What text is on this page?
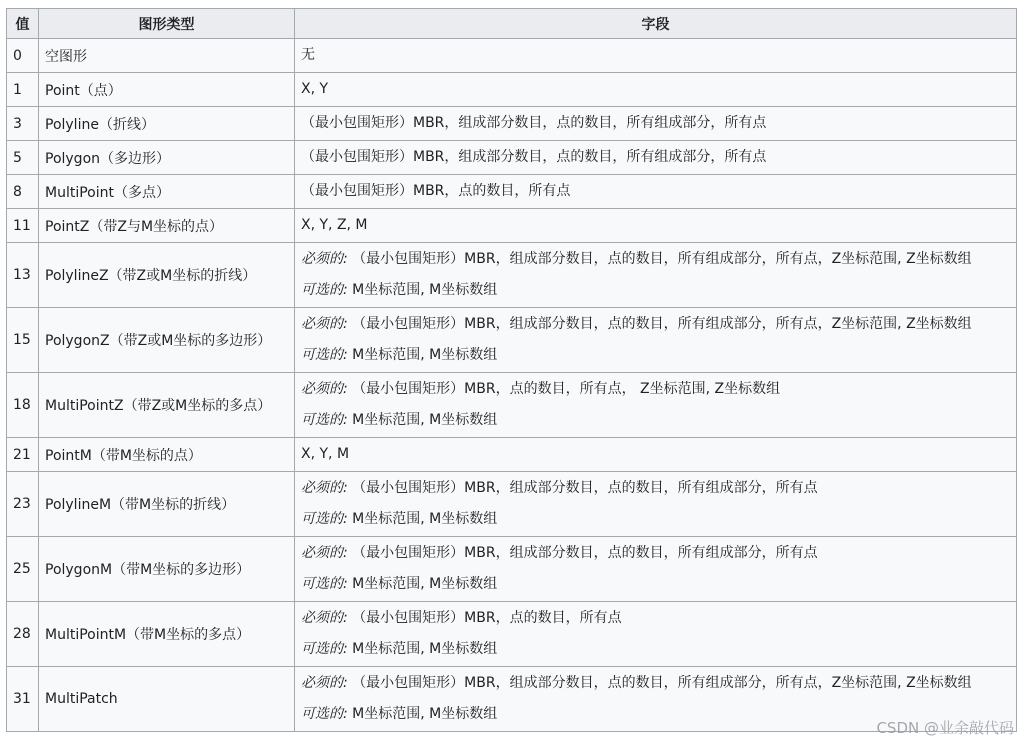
值	图形类型	字段
0	空图形	无

1	Point（点）	X, Y

3	Polyline（折线）	（最小包围矩形）MBR，组成部分数目，点的数目，所有组成部分，所有点

5	Polygon（多边形）	（最小包围矩形）MBR，组成部分数目，点的数目，所有组成部分，所有点

8	MultiPoint（多点）	（最小包围矩形）MBR，点的数目，所有点

11	PointZ（带Z与M坐标的点）	X, Y, Z, M

13	PolylineZ（带Z或M坐标的折线）	必须的: （最小包围矩形）MBR，组成部分数目，点的数目，所有组成部分，所有点，Z坐标范围, Z坐标数组
可选的: M坐标范围, M坐标数组

15	PolygonZ（带Z或M坐标的多边形）	必须的: （最小包围矩形）MBR，组成部分数目，点的数目，所有组成部分，所有点，Z坐标范围, Z坐标数组
可选的: M坐标范围, M坐标数组

18	MultiPointZ（带Z或M坐标的多点）	必须的: （最小包围矩形）MBR，点的数目，所有点， Z坐标范围, Z坐标数组
可选的: M坐标范围, M坐标数组

21	PointM（带M坐标的点）	X, Y, M

23	PolylineM（带M坐标的折线）	必须的: （最小包围矩形）MBR，组成部分数目，点的数目，所有组成部分，所有点
可选的: M坐标范围, M坐标数组

25	PolygonM（带M坐标的多边形）	必须的: （最小包围矩形）MBR，组成部分数目，点的数目，所有组成部分，所有点
可选的: M坐标范围, M坐标数组

28	MultiPointM（带M坐标的多点）	必须的: （最小包围矩形）MBR，点的数目，所有点
可选的: M坐标范围, M坐标数组

31	MultiPatch	必须的: （最小包围矩形）MBR，组成部分数目，点的数目，所有组成部分，所有点，Z坐标范围, Z坐标数组
可选的: M坐标范围, M坐标数组
CSDN @业余敲代码
